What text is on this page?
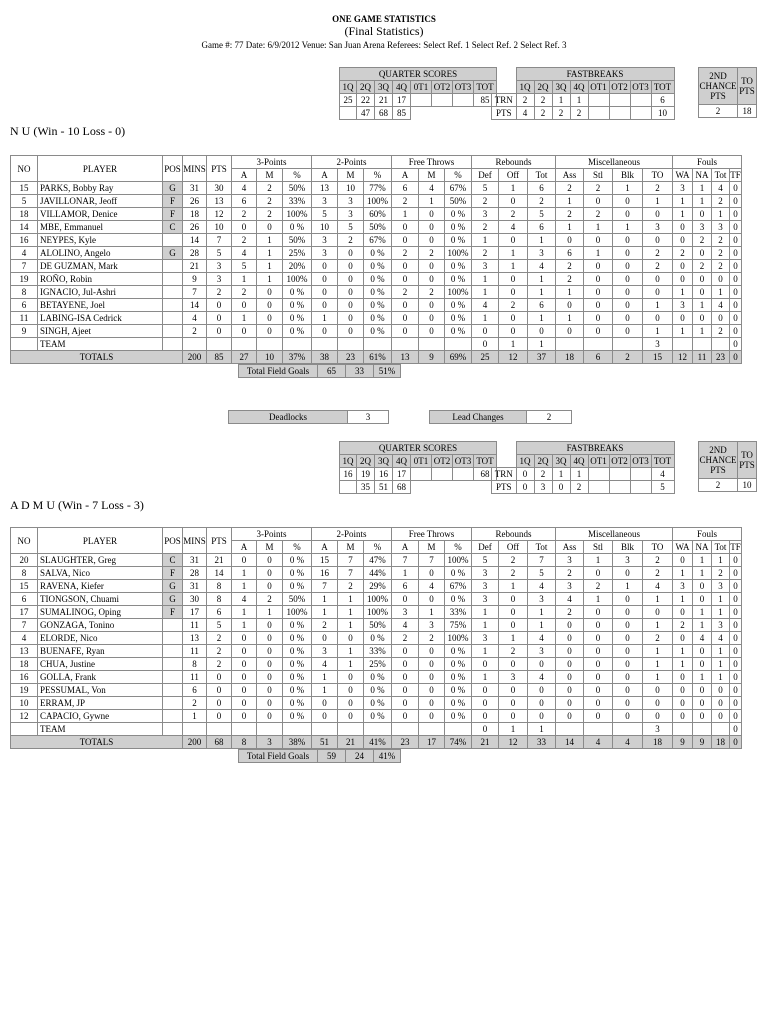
ONE GAME STATISTICS
(Final Statistics)
Game #: 77 Date: 6/9/2012 Venue: San Juan Arena Referees: Select Ref. 1 Select Ref. 2 Select Ref. 3
QUARTER SCORES							
1Q	2Q	3Q	4Q	0T1	OT2	OT3	TOT
25	22	21	17				85
	47	68	85				
	FASTBREAKS							
	1Q	2Q	3Q	4Q	OT1	OT2	OT3	TOT
TRN	2	2	1	1				6
PTS	4	2	2	2				10
2ND CHANCE PTS	TO PTS
2	18
N U (Win - 10 Loss - 0)
NO	PLAYER	POS	MINS	PTS	3-Points			2-Points			Free Throws			Rebounds			Miscellaneous				Fouls			
					A	M	%	A	M	%	A	M	%	Def	Off	Tot	Ass	Stl	Blk	TO	WA	NA	Tot	TF
15	PARKS, Bobby Ray	G	31	30	4	2	50%	13	10	77%	6	4	67%	5	1	6	2	2	1	2	3	1	4	0
5	JAVILLONAR, Jeoff	F	26	13	6	2	33%	3	3	100%	2	1	50%	2	0	2	1	0	0	1	1	1	2	0
18	VILLAMOR, Denice	F	18	12	2	2	100%	5	3	60%	1	0	0 %	3	2	5	2	2	0	0	1	0	1	0
14	MBE, Emmanuel	C	26	10	0	0	0 %	10	5	50%	0	0	0 %	2	4	6	1	1	1	3	0	3	3	0
16	NEYPES, Kyle		14	7	2	1	50%	3	2	67%	0	0	0 %	1	0	1	0	0	0	0	0	2	2	0
4	ALOLINO, Angelo	G	28	5	4	1	25%	3	0	0 %	2	2	100%	2	1	3	6	1	0	2	2	0	2	0
7	DE GUZMAN, Mark		21	3	5	1	20%	0	0	0 %	0	0	0 %	3	1	4	2	0	0	2	0	2	2	0
19	ROÑO, Robin		9	3	1	1	100%	0	0	0 %	0	0	0 %	1	0	1	2	0	0	0	0	0	0	0
8	IGNACIO, Jul-Ashri		7	2	2	0	0 %	0	0	0 %	2	2	100%	1	0	1	1	0	0	0	1	0	1	0
6	BETAYENE, Joel		14	0	0	0	0 %	0	0	0 %	0	0	0 %	4	2	6	0	0	0	1	3	1	4	0
11	LABING-ISA Cedrick		4	0	1	0	0 %	1	0	0 %	0	0	0 %	1	0	1	1	0	0	0	0	0	0	0
9	SINGH, Ajeet		2	0	0	0	0 %	0	0	0 %	0	0	0 %	0	0	0	0	0	0	1	1	1	2	0
	TEAM													0	1	1				3				0
TOTALS			200	85	27	10	37%	38	23	61%	13	9	69%	25	12	37	18	6	2	15	12	11	23	0
Total Field Goals	65	33	51%
Deadlocks	3		Lead Changes	2
QUARTER SCORES							
1Q	2Q	3Q	4Q	0T1	OT2	OT3	TOT
16	19	16	17				68
	35	51	68				
	FASTBREAKS							
	1Q	2Q	3Q	4Q	OT1	OT2	OT3	TOT
TRN	0	2	1	1				4
PTS	0	3	0	2				5
2ND CHANCE PTS	TO PTS
2	10
A D M U (Win - 7 Loss - 3)
NO	PLAYER	POS	MINS	PTS	3-Points			2-Points			Free Throws			Rebounds			Miscellaneous				Fouls			
					A	M	%	A	M	%	A	M	%	Def	Off	Tot	Ass	Stl	Blk	TO	WA	NA	Tot	TF
20	SLAUGHTER, Greg	C	31	21	0	0	0 %	15	7	47%	7	7	100%	5	2	7	3	1	3	2	0	1	1	0
8	SALVA, Nico	F	28	14	1	0	0 %	16	7	44%	1	0	0 %	3	2	5	2	0	0	2	1	1	2	0
15	RAVENA, Kiefer	G	31	8	1	0	0 %	7	2	29%	6	4	67%	3	1	4	3	2	1	4	3	0	3	0
6	TIONGSON, Chuami	G	30	8	4	2	50%	1	1	100%	0	0	0 %	3	0	3	4	1	0	1	1	0	1	0
17	SUMALINOG, Oping	F	17	6	1	1	100%	1	1	100%	3	1	33%	1	0	1	2	0	0	0	0	1	1	0
7	GONZAGA, Tonino		11	5	1	0	0 %	2	1	50%	4	3	75%	1	0	1	0	0	0	1	2	1	3	0
4	ELORDE, Nico		13	2	0	0	0 %	0	0	0 %	2	2	100%	3	1	4	0	0	0	2	0	4	4	0
13	BUENAFE, Ryan		11	2	0	0	0 %	3	1	33%	0	0	0 %	1	2	3	0	0	0	1	1	0	1	0
18	CHUA, Justine		8	2	0	0	0 %	4	1	25%	0	0	0 %	0	0	0	0	0	0	1	1	0	1	0
16	GOLLA, Frank		11	0	0	0	0 %	1	0	0 %	0	0	0 %	1	3	4	0	0	0	1	0	1	1	0
19	PESSUMAL, Von		6	0	0	0	0 %	1	0	0 %	0	0	0 %	0	0	0	0	0	0	0	0	0	0	0
10	ERRAM, JP		2	0	0	0	0 %	0	0	0 %	0	0	0 %	0	0	0	0	0	0	0	0	0	0	0
12	CAPACIO, Gywne		1	0	0	0	0 %	0	0	0 %	0	0	0 %	0	0	0	0	0	0	0	0	0	0	0
	TEAM													0	1	1				3				0
TOTALS			200	68	8	3	38%	51	21	41%	23	17	74%	21	12	33	14	4	4	18	9	9	18	0
Total Field Goals	59	24	41%
